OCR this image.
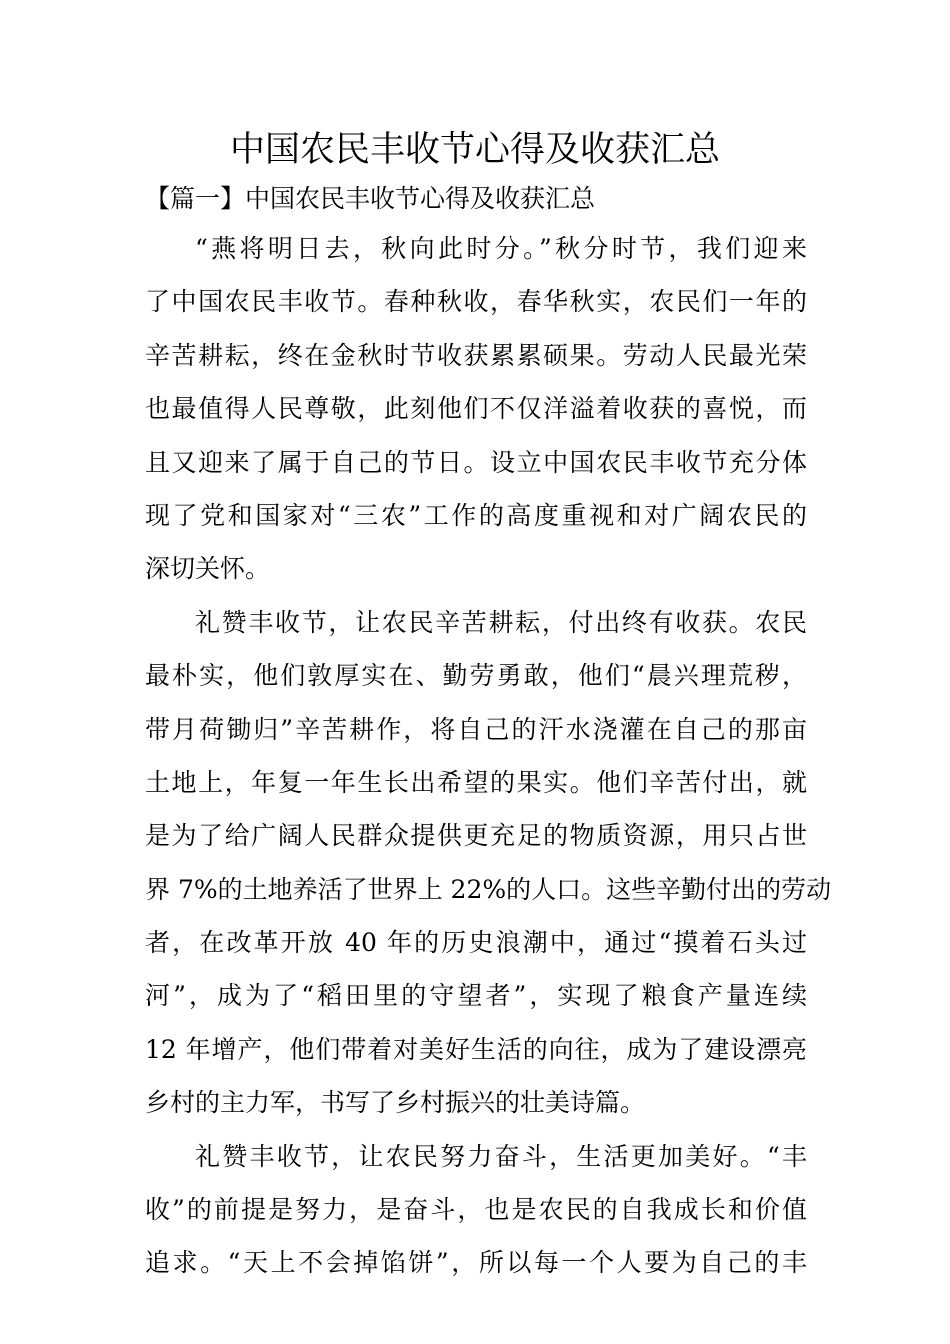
中国农民丰收节心得及收获汇总
【篇一】中国农民丰收节心得及收获汇总
“燕将明日去，秋向此时分。”秋分时节，我们迎来
了中国农民丰收节。春种秋收，春华秋实，农民们一年的
辛苦耕耘，终在金秋时节收获累累硕果。劳动人民最光荣
也最值得人民尊敬，此刻他们不仅洋溢着收获的喜悦，而
且又迎来了属于自己的节日。设立中国农民丰收节充分体
现了党和国家对“三农”工作的高度重视和对广阔农民的
深切关怀。
礼赞丰收节，让农民辛苦耕耘，付出终有收获。农民
最朴实，他们敦厚实在、勤劳勇敢，他们“晨兴理荒秽，
带月荷锄归”辛苦耕作，将自己的汗水浇灌在自己的那亩
土地上，年复一年生长出希望的果实。他们辛苦付出，就
是为了给广阔人民群众提供更充足的物质资源，用只占世
界 7%的土地养活了世界上 22%的人口。这些辛勤付出的劳动
者，在改革开放 40 年的历史浪潮中，通过“摸着石头过
河”，成为了“稻田里的守望者”，实现了粮食产量连续
12 年增产，他们带着对美好生活的向往，成为了建设漂亮
乡村的主力军，书写了乡村振兴的壮美诗篇。
礼赞丰收节，让农民努力奋斗，生活更加美好。“丰
收”的前提是努力，是奋斗，也是农民的自我成长和价值
追求。“天上不会掉馅饼”，所以每一个人要为自己的丰
